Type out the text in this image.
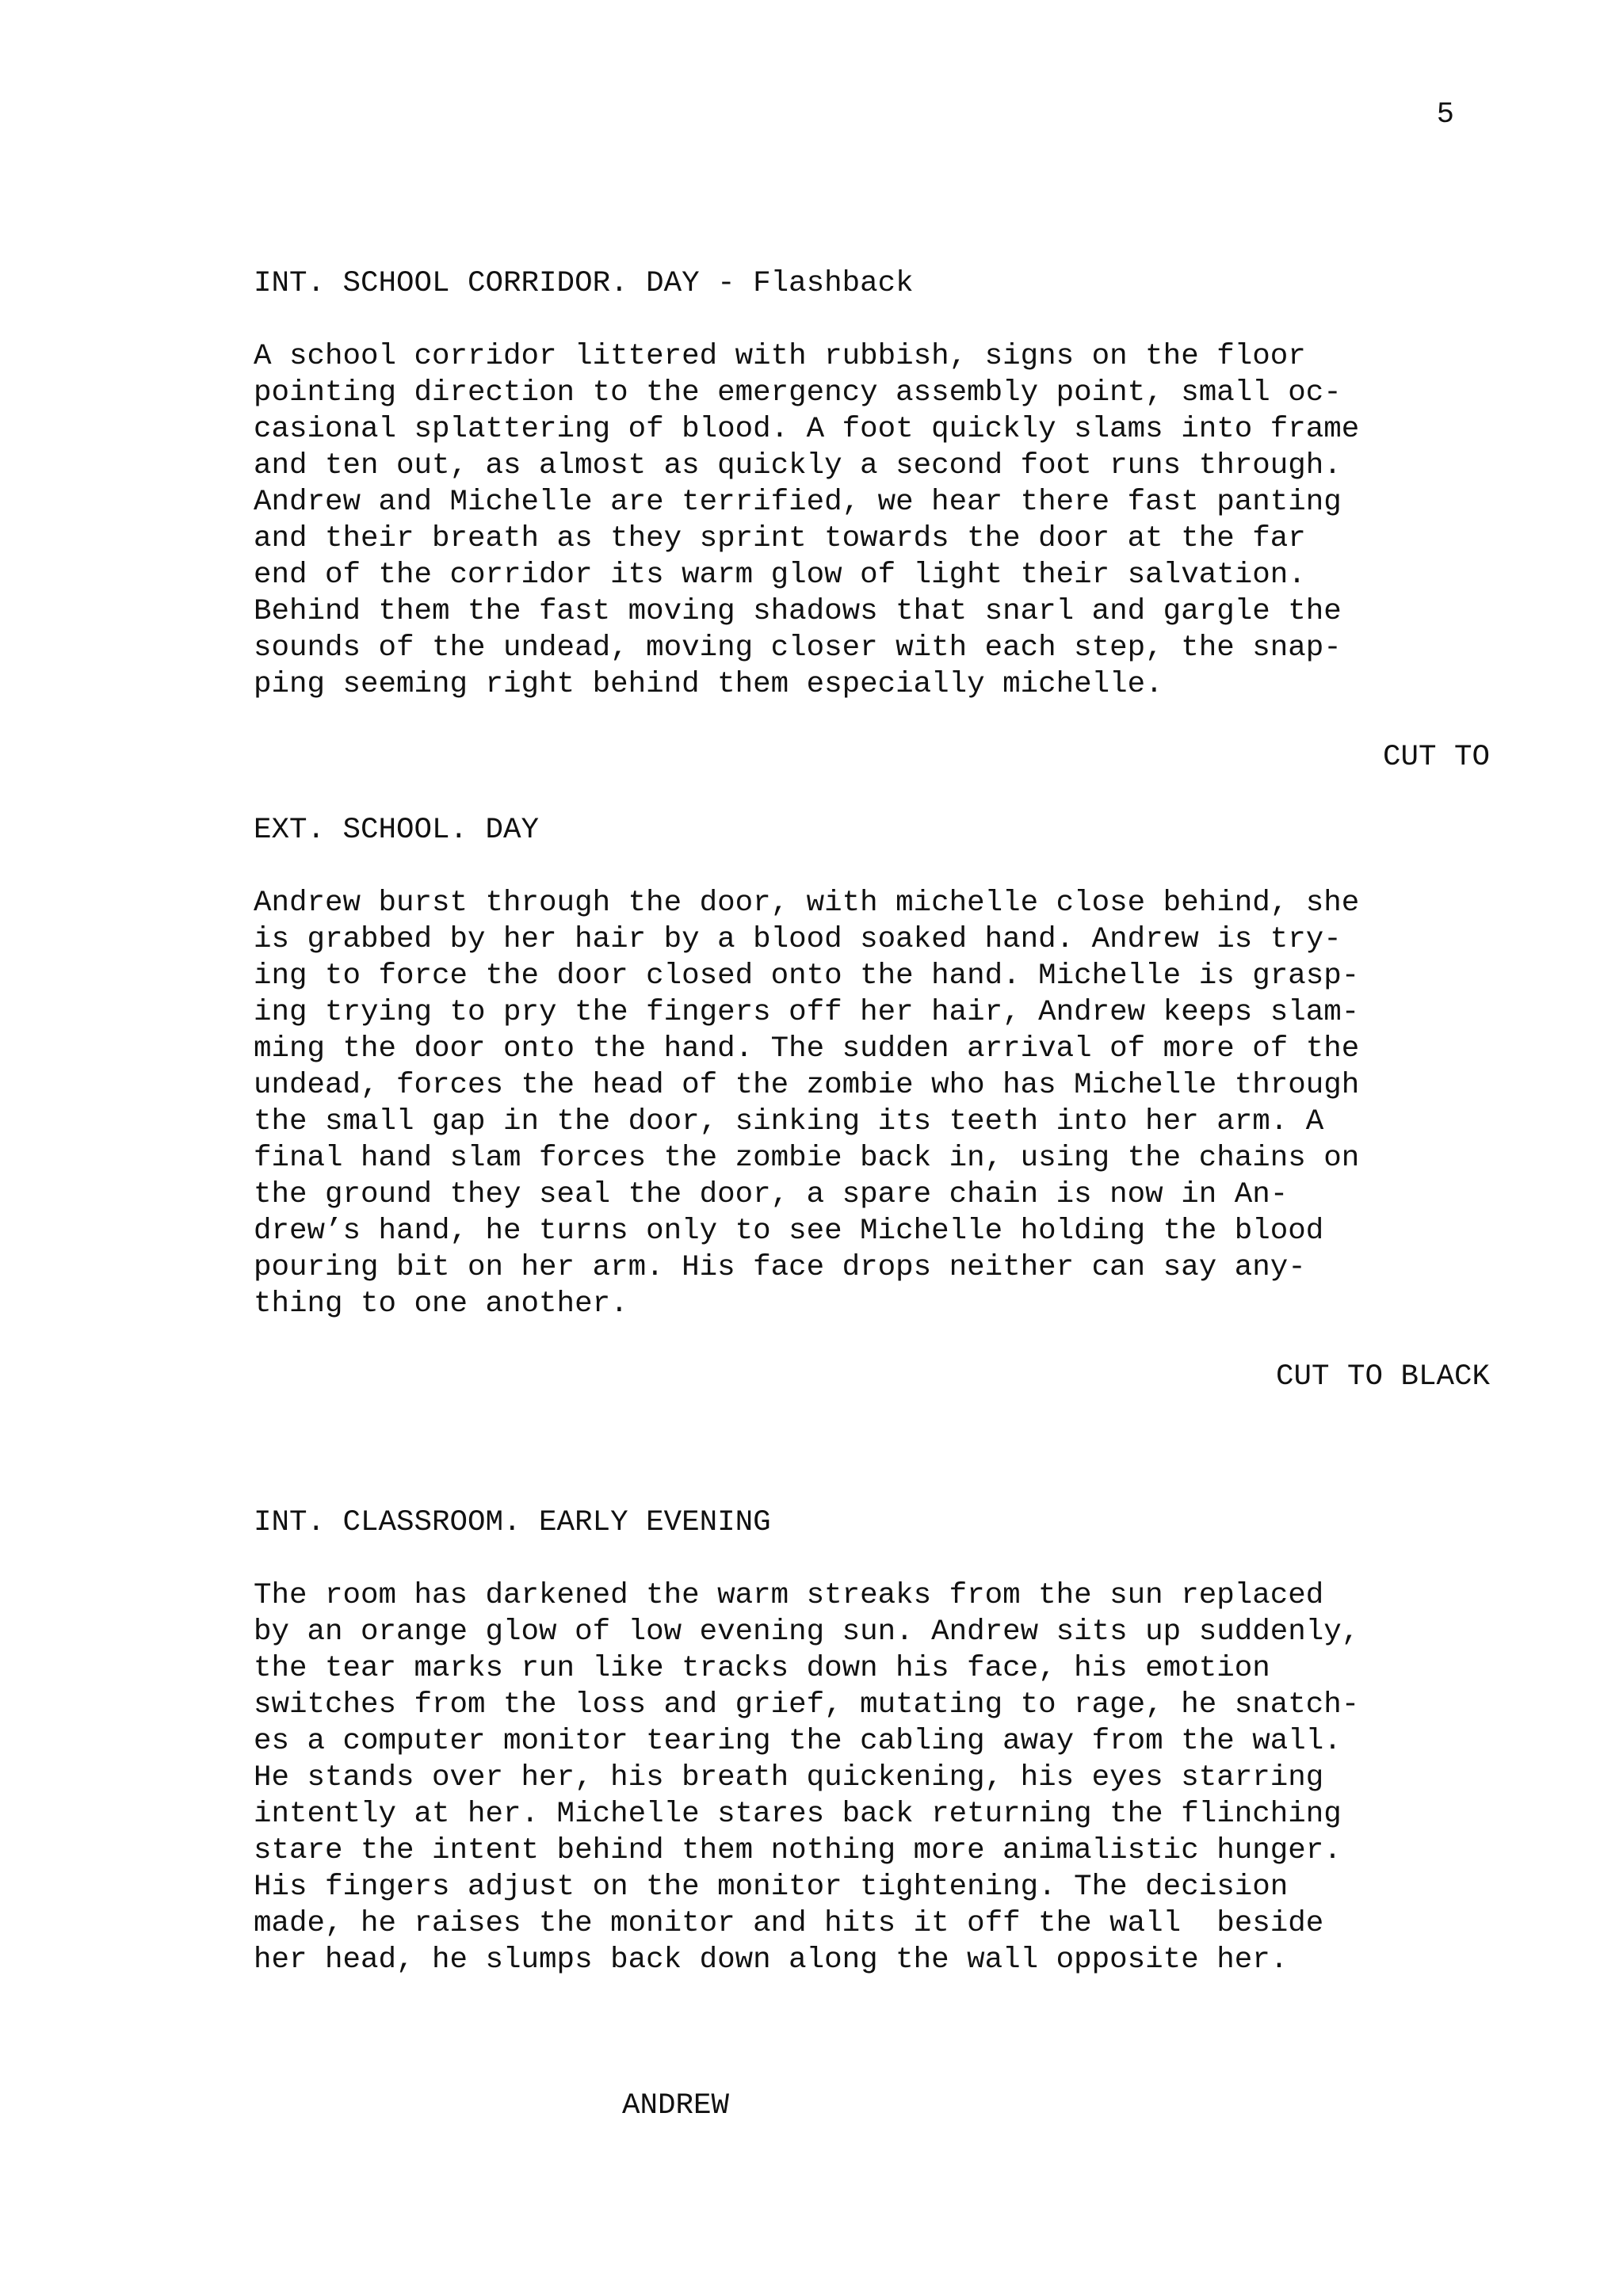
5
INT. SCHOOL CORRIDOR. DAY - Flashback
A school corridor littered with rubbish, signs on the floor
pointing direction to the emergency assembly point, small oc-
casional splattering of blood. A foot quickly slams into frame
and ten out, as almost as quickly a second foot runs through.
Andrew and Michelle are terrified, we hear there fast panting
and their breath as they sprint towards the door at the far
end of the corridor its warm glow of light their salvation.
Behind them the fast moving shadows that snarl and gargle the
sounds of the undead, moving closer with each step, the snap-
ping seeming right behind them especially michelle.
CUT TO
EXT. SCHOOL. DAY
Andrew burst through the door, with michelle close behind, she
is grabbed by her hair by a blood soaked hand. Andrew is try-
ing to force the door closed onto the hand. Michelle is grasp-
ing trying to pry the fingers off her hair, Andrew keeps slam-
ming the door onto the hand. The sudden arrival of more of the
undead, forces the head of the zombie who has Michelle through
the small gap in the door, sinking its teeth into her arm. A
final hand slam forces the zombie back in, using the chains on
the ground they seal the door, a spare chain is now in An-
drew’s hand, he turns only to see Michelle holding the blood
pouring bit on her arm. His face drops neither can say any-
thing to one another.
CUT TO BLACK
INT. CLASSROOM. EARLY EVENING
The room has darkened the warm streaks from the sun replaced
by an orange glow of low evening sun. Andrew sits up suddenly,
the tear marks run like tracks down his face, his emotion
switches from the loss and grief, mutating to rage, he snatch-
es a computer monitor tearing the cabling away from the wall.
He stands over her, his breath quickening, his eyes starring
intently at her. Michelle stares back returning the flinching
stare the intent behind them nothing more animalistic hunger.
His fingers adjust on the monitor tightening. The decision
made, he raises the monitor and hits it off the wall  beside
her head, he slumps back down along the wall opposite her.
ANDREW
